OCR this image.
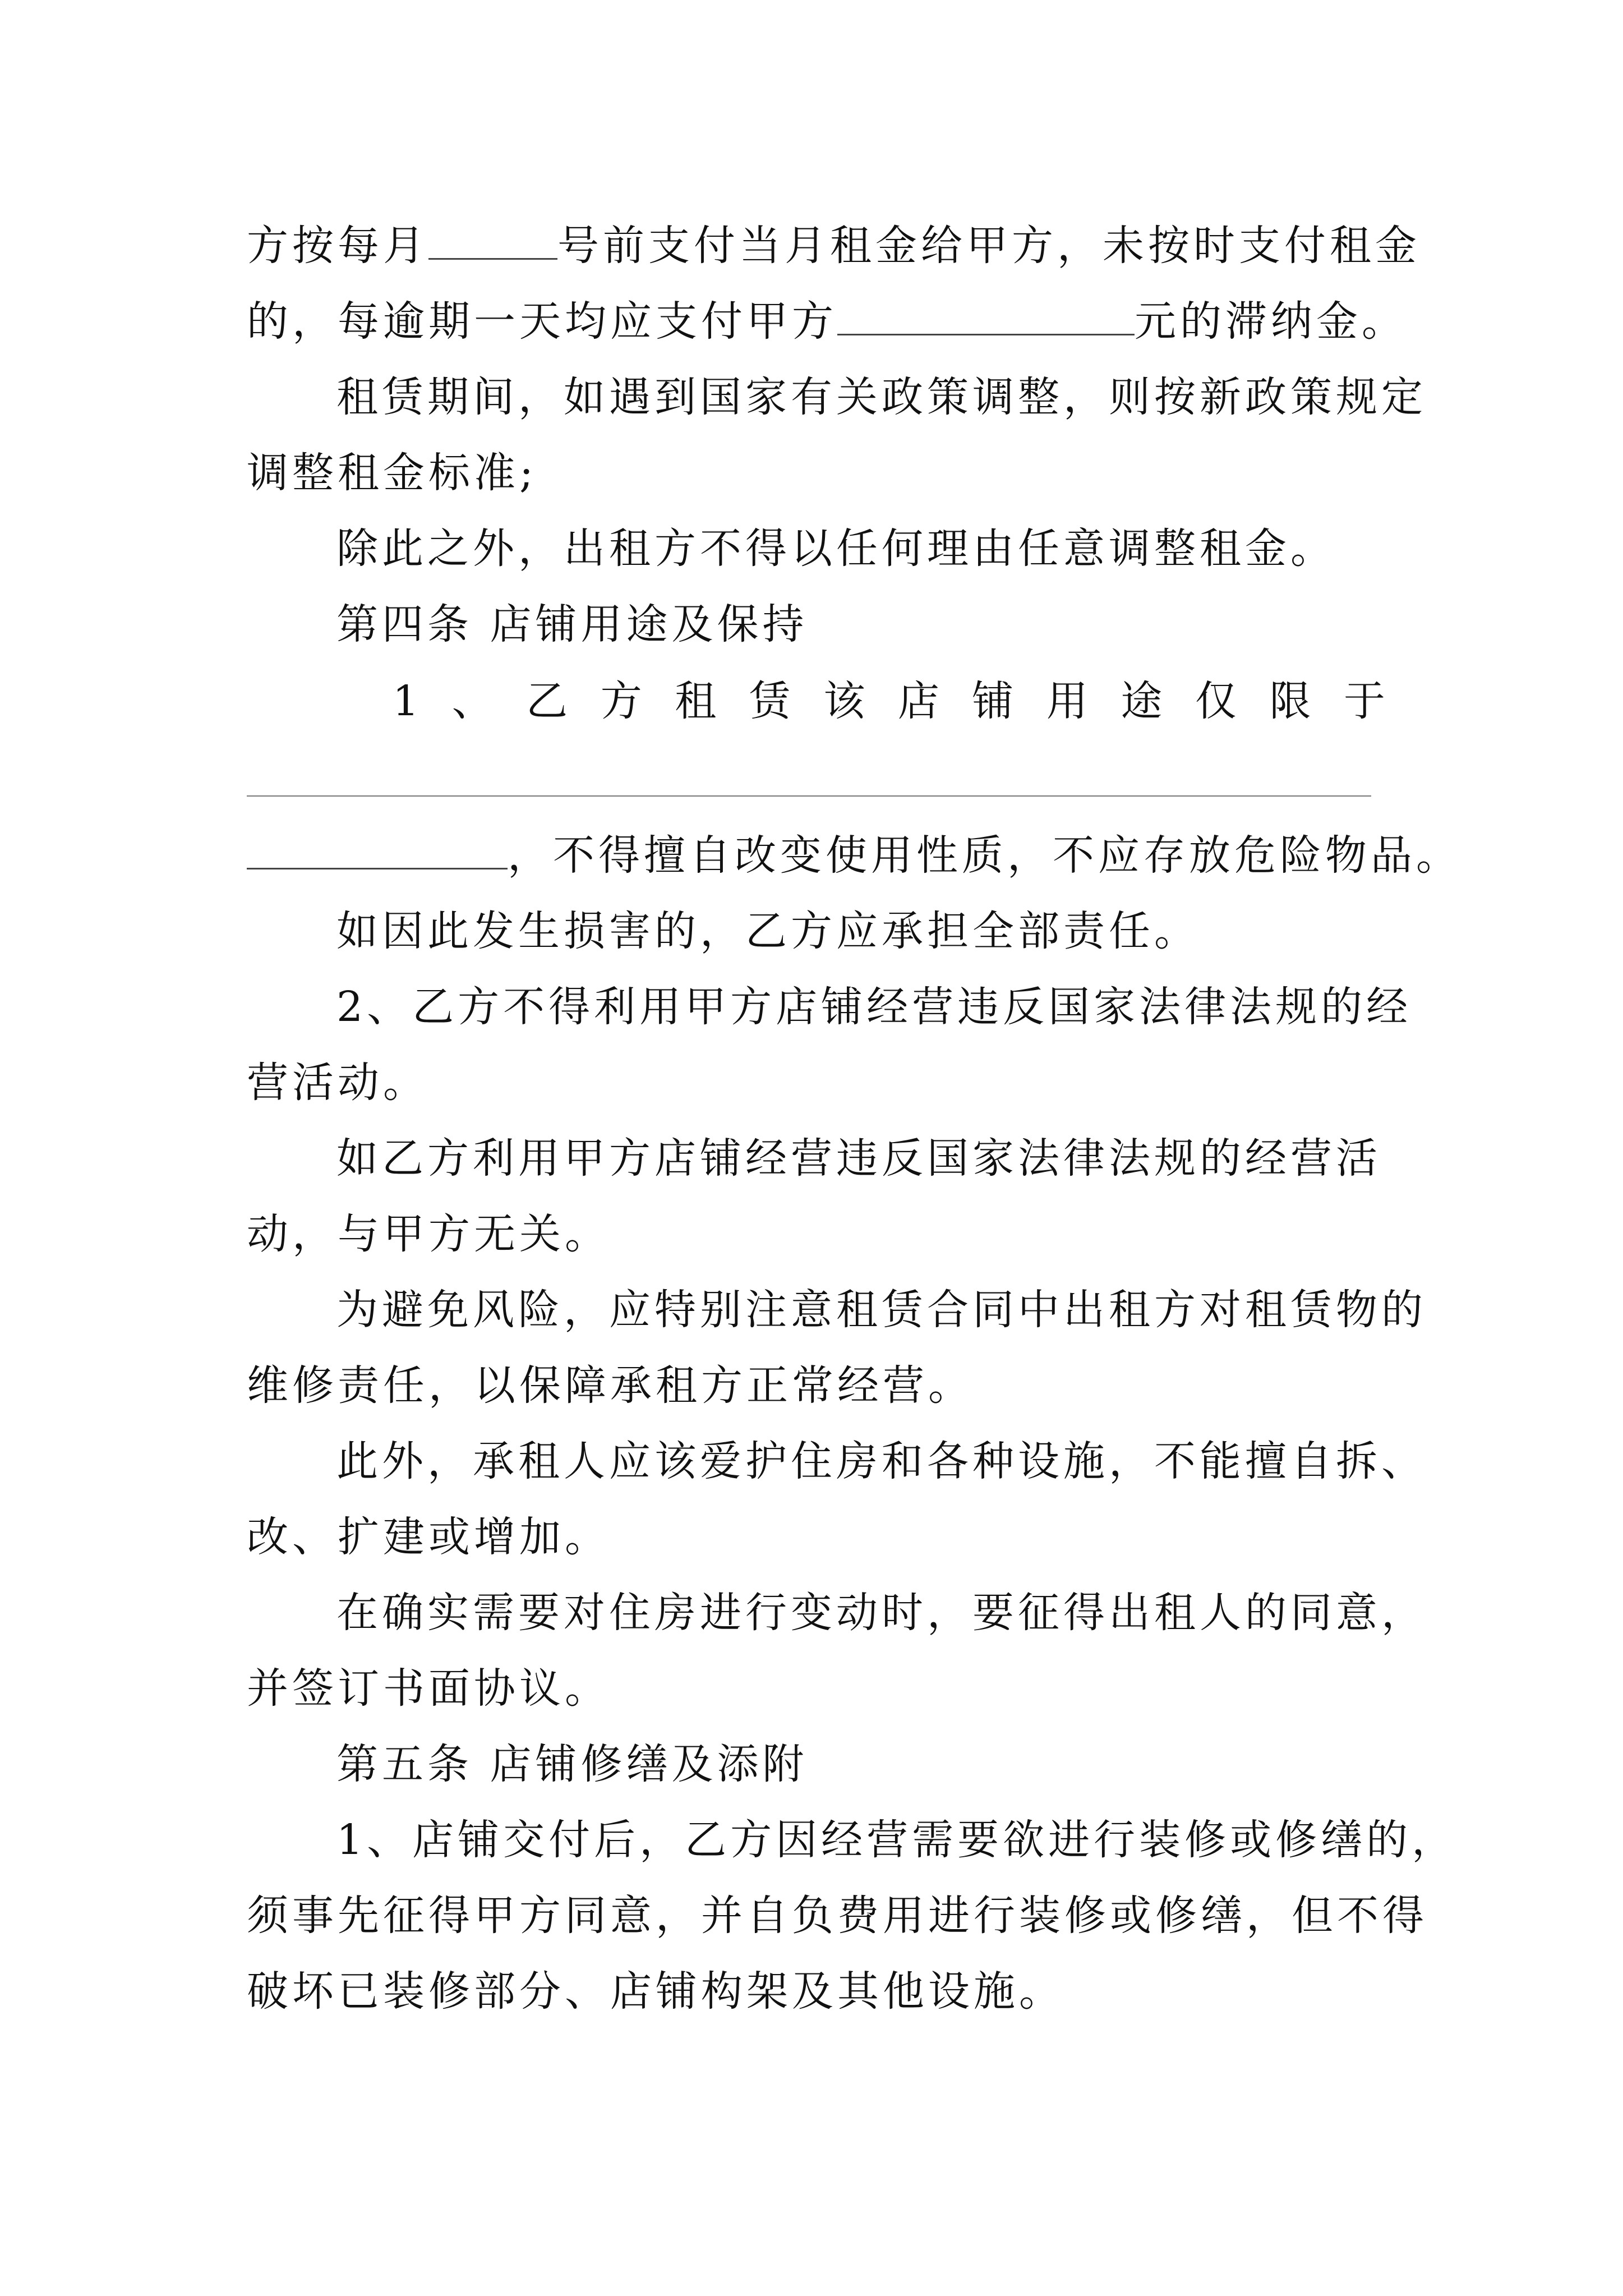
方按每月	号前支付当月租金给甲方，未按时支付租金
的，每逾期一天均应支付甲方	元的滞纳金。
租赁期间，如遇到国家有关政策调整，则按新政策规定
调整租金标准;
除此之外，出租方不得以任何理由任意调整租金。
第四条 店铺用途及保持
1 、 乙 方 租 赁 该 店 铺 用 途 仅 限 于
，不得擅自改变使用性质，不应存放危险物品。
如因此发生损害的，乙方应承担全部责任。
2、乙方不得利用甲方店铺经营违反国家法律法规的经
营活动。
如乙方利用甲方店铺经营违反国家法律法规的经营活
动，与甲方无关。
为避免风险，应特别注意租赁合同中出租方对租赁物的
维修责任，以保障承租方正常经营。
此外，承租人应该爱护住房和各种设施，不能擅自拆、
改、扩建或增加。
在确实需要对住房进行变动时，要征得出租人的同意，
并签订书面协议。
第五条 店铺修缮及添附
1、店铺交付后，乙方因经营需要欲进行装修或修缮的，
须事先征得甲方同意，并自负费用进行装修或修缮，但不得
破坏已装修部分、店铺构架及其他设施。
